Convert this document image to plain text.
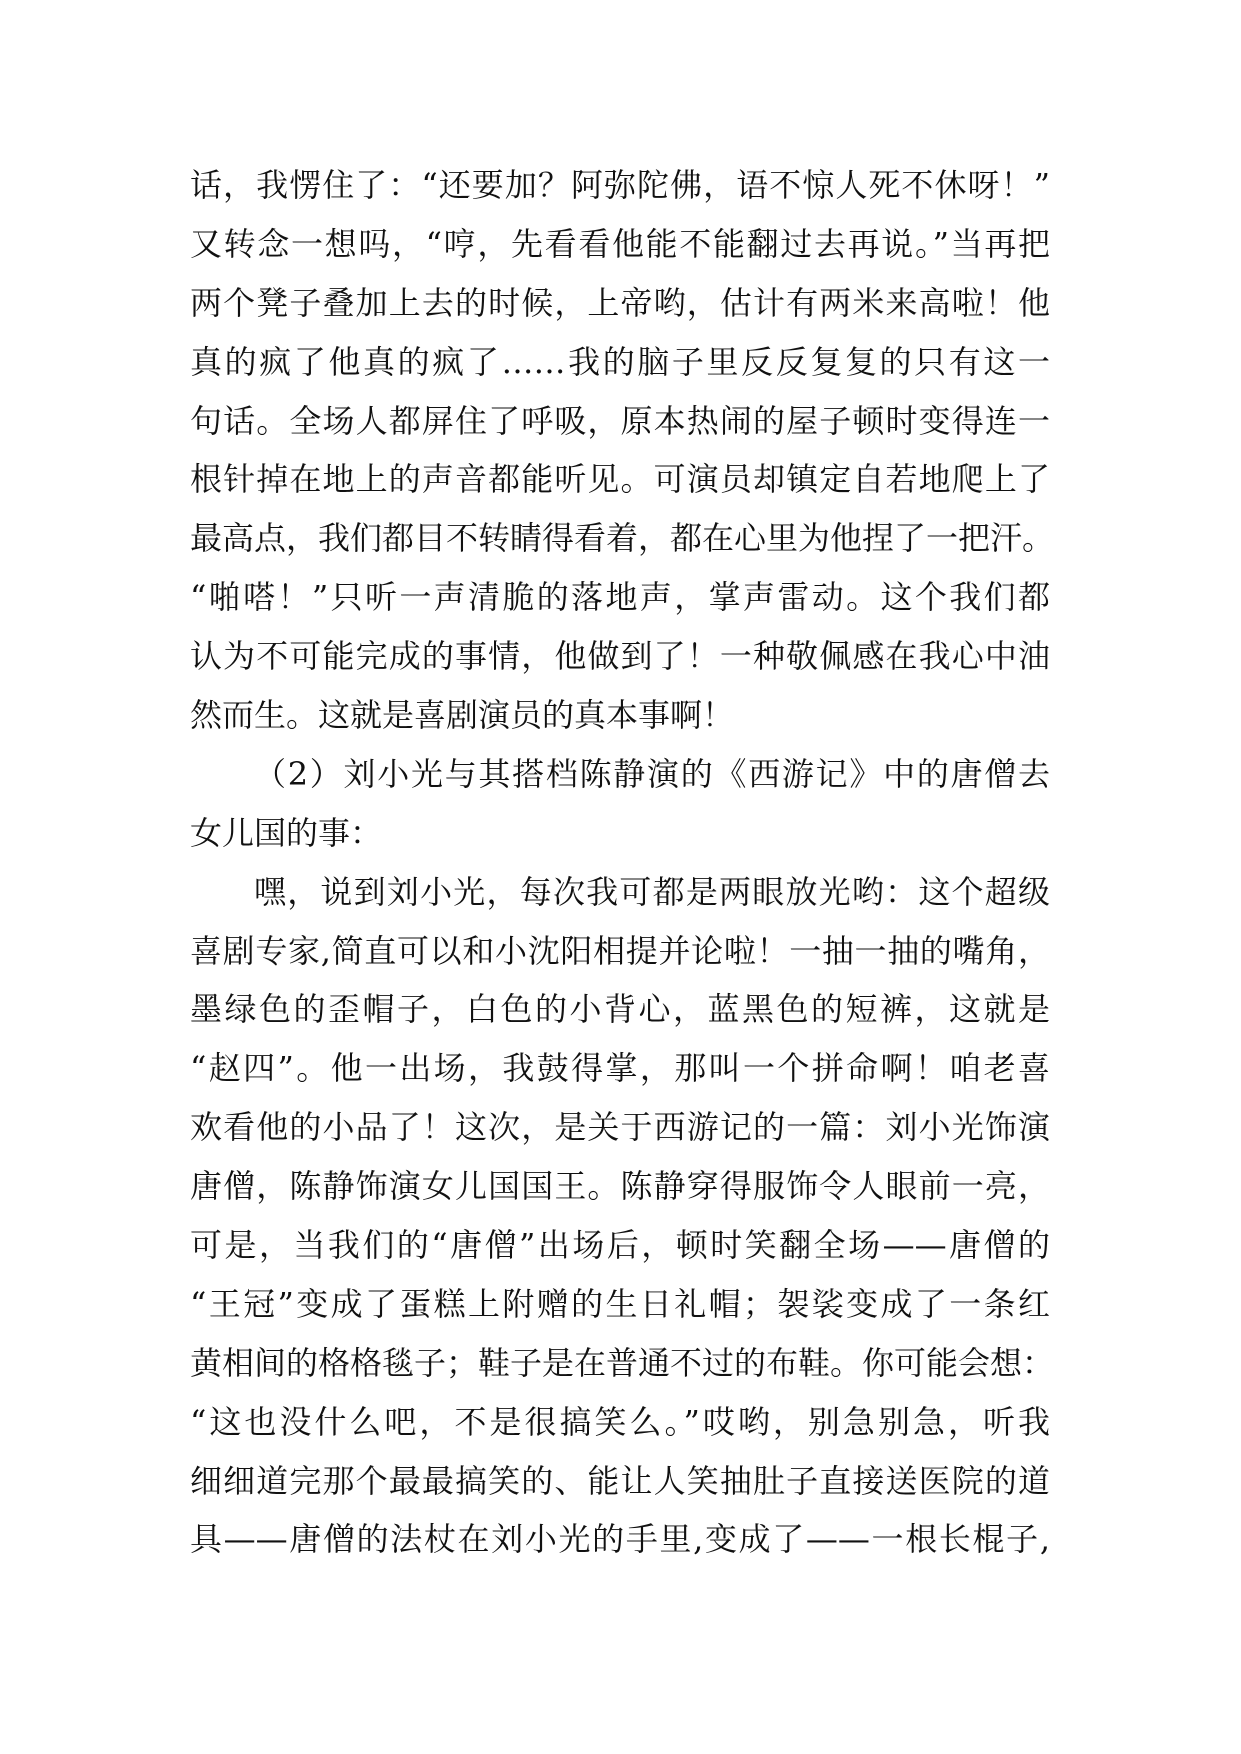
话，我愣住了：“还要加？阿弥陀佛，语不惊人死不休呀！”
又转念一想吗，“哼，先看看他能不能翻过去再说。”当再把
两个凳子叠加上去的时候，上帝哟，估计有两米来高啦！他
真的疯了他真的疯了……我的脑子里反反复复的只有这一
句话。全场人都屏住了呼吸，原本热闹的屋子顿时变得连一
根针掉在地上的声音都能听见。可演员却镇定自若地爬上了
最高点，我们都目不转睛得看着，都在心里为他捏了一把汗。
“啪嗒！”只听一声清脆的落地声，掌声雷动。这个我们都
认为不可能完成的事情，他做到了！一种敬佩感在我心中油
然而生。这就是喜剧演员的真本事啊！
（2）刘小光与其搭档陈静演的《西游记》中的唐僧去
女儿国的事：
嘿，说到刘小光，每次我可都是两眼放光哟：这个超级
喜剧专家,简直可以和小沈阳相提并论啦！一抽一抽的嘴角，
墨绿色的歪帽子，白色的小背心，蓝黑色的短裤，这就是
“赵四”。他一出场，我鼓得掌，那叫一个拼命啊！咱老喜
欢看他的小品了！这次，是关于西游记的一篇：刘小光饰演
唐僧，陈静饰演女儿国国王。陈静穿得服饰令人眼前一亮，
可是，当我们的“唐僧”出场后，顿时笑翻全场——唐僧的
“王冠”变成了蛋糕上附赠的生日礼帽；袈裟变成了一条红
黄相间的格格毯子；鞋子是在普通不过的布鞋。你可能会想：
“这也没什么吧，不是很搞笑么。”哎哟，别急别急，听我
细细道完那个最最搞笑的、能让人笑抽肚子直接送医院的道
具——唐僧的法杖在刘小光的手里,变成了——一根长棍子,
